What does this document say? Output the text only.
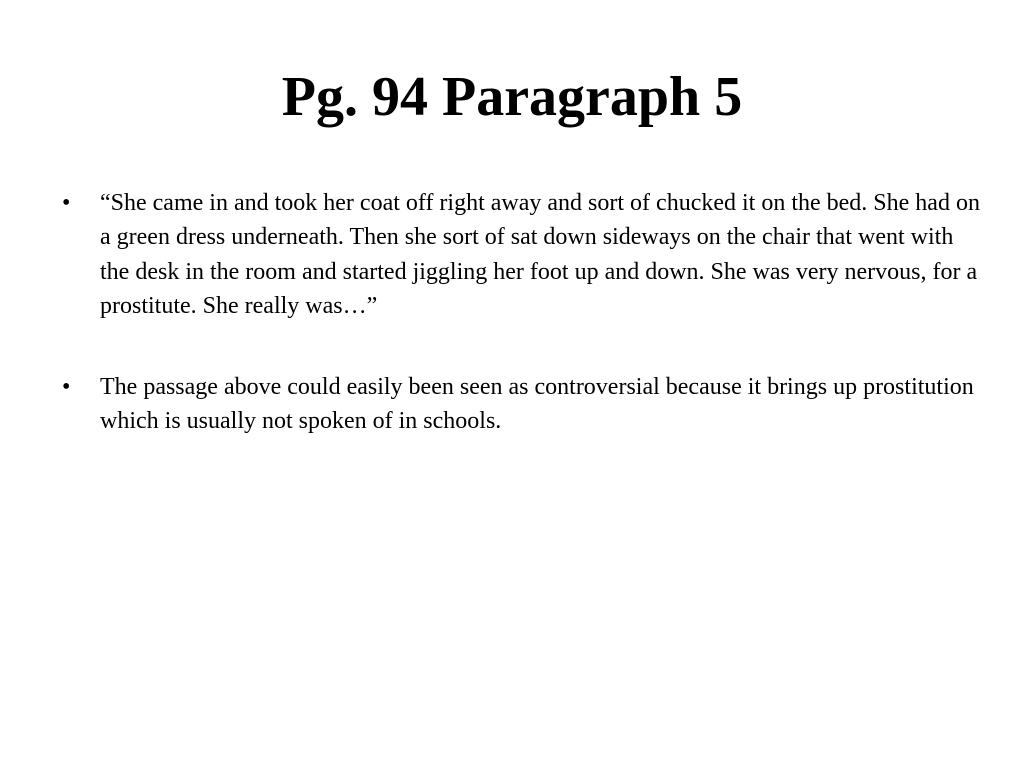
Pg. 94 Paragraph 5
• “She came in and took her coat off right away and sort of chucked it on the bed. She had on a green dress underneath. Then she sort of sat down sideways on the chair that went with the desk in the room and started jiggling her foot up and down. She was very nervous, for a prostitute. She really was…”
• The passage above could easily been seen as controversial because it brings up prostitution which is usually not spoken of in schools.
